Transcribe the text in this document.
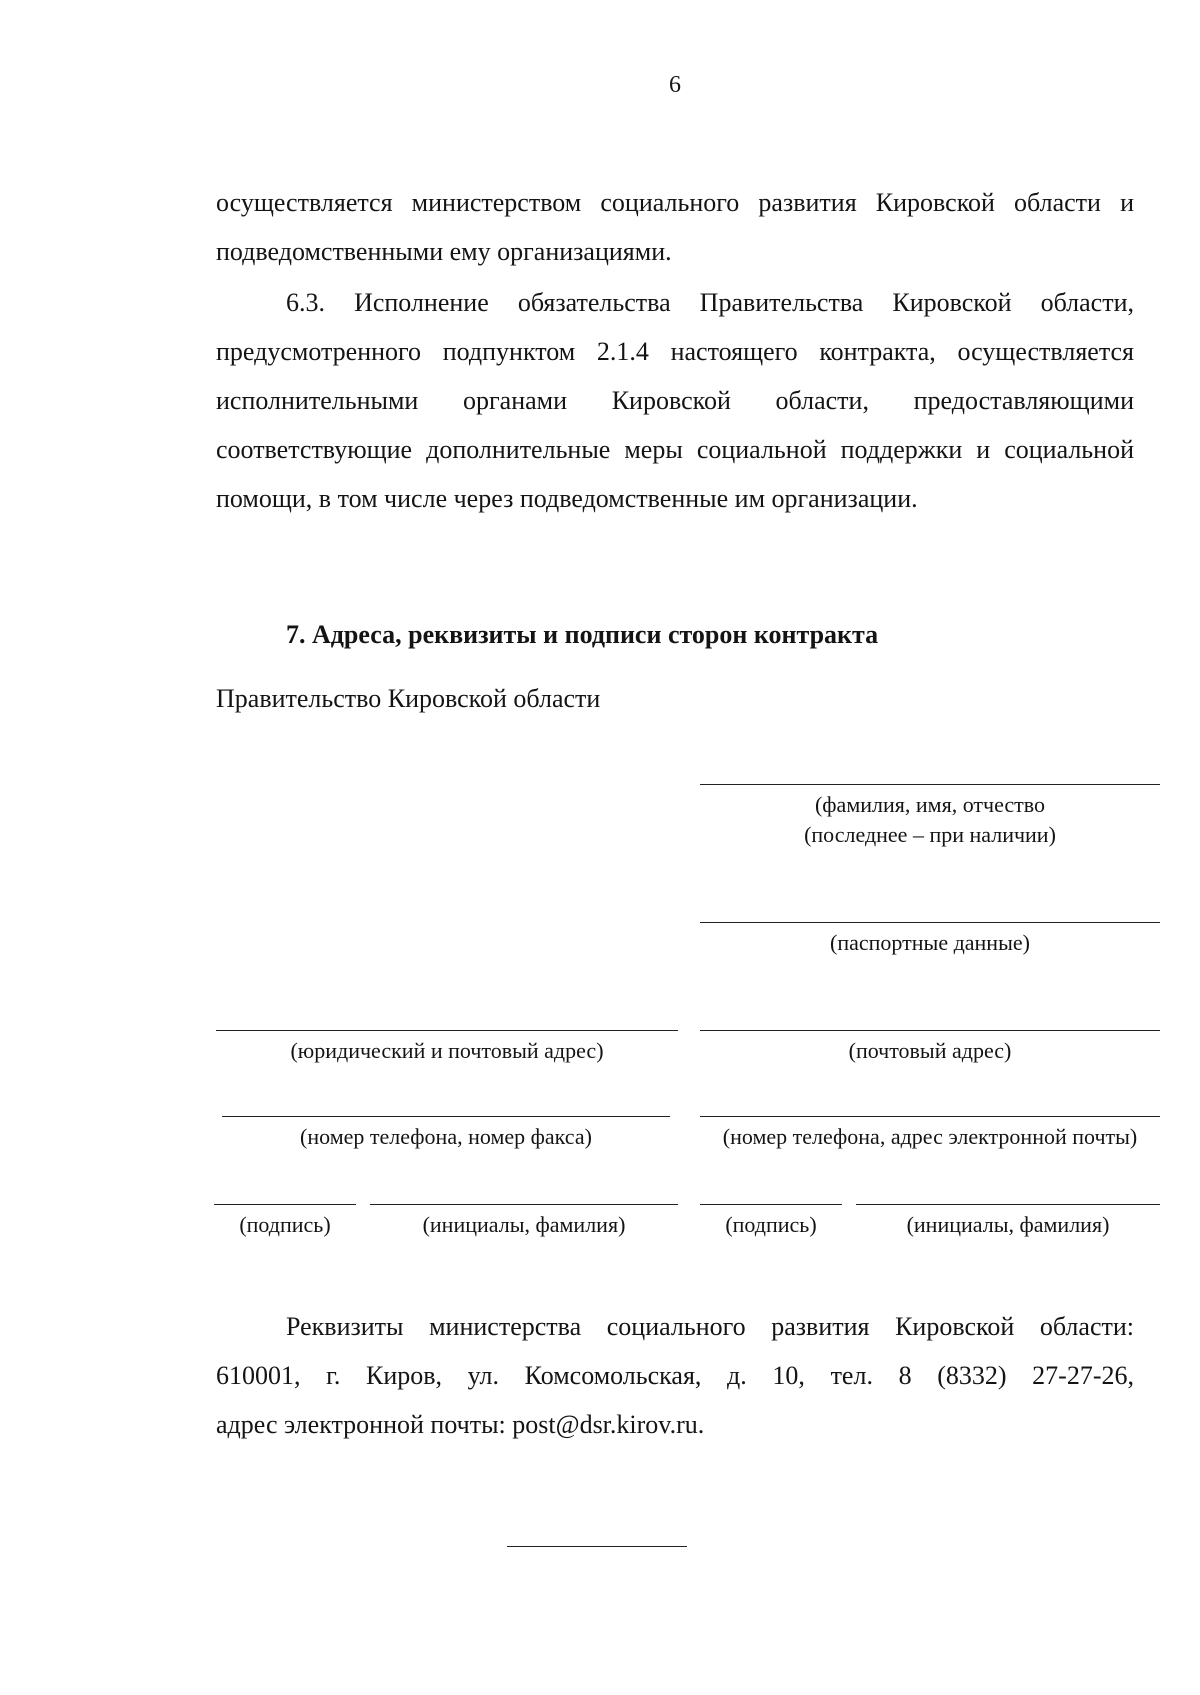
6

осуществляется министерством социального развития Кировской области и подведомственными ему организациями.

6.3. Исполнение обязательства Правительства Кировской области, предусмотренного подпунктом 2.1.4 настоящего контракта, осуществляется исполнительными органами Кировской области, предоставляющими соответствующие дополнительные меры социальной поддержки и социальной помощи, в том числе через подведомственные им организации.

7. Адреса, реквизиты и подписи сторон контракта

Правительство Кировской области

(фамилия, имя, отчество
(последнее – при наличии)
(паспортные данные)
(юридический и почтовый адрес)	(почтовый адрес)
(номер телефона, номер факса)	(номер телефона, адрес электронной почты)
(подпись)	(инициалы, фамилия)	(подпись)	(инициалы, фамилия)
Реквизиты министерства социального развития Кировской области:
610001, г. Киров, ул. Комсомольская, д. 10, тел. 8 (8332) 27-27-26,
адрес электронной почты: post@dsr.kirov.ru.
